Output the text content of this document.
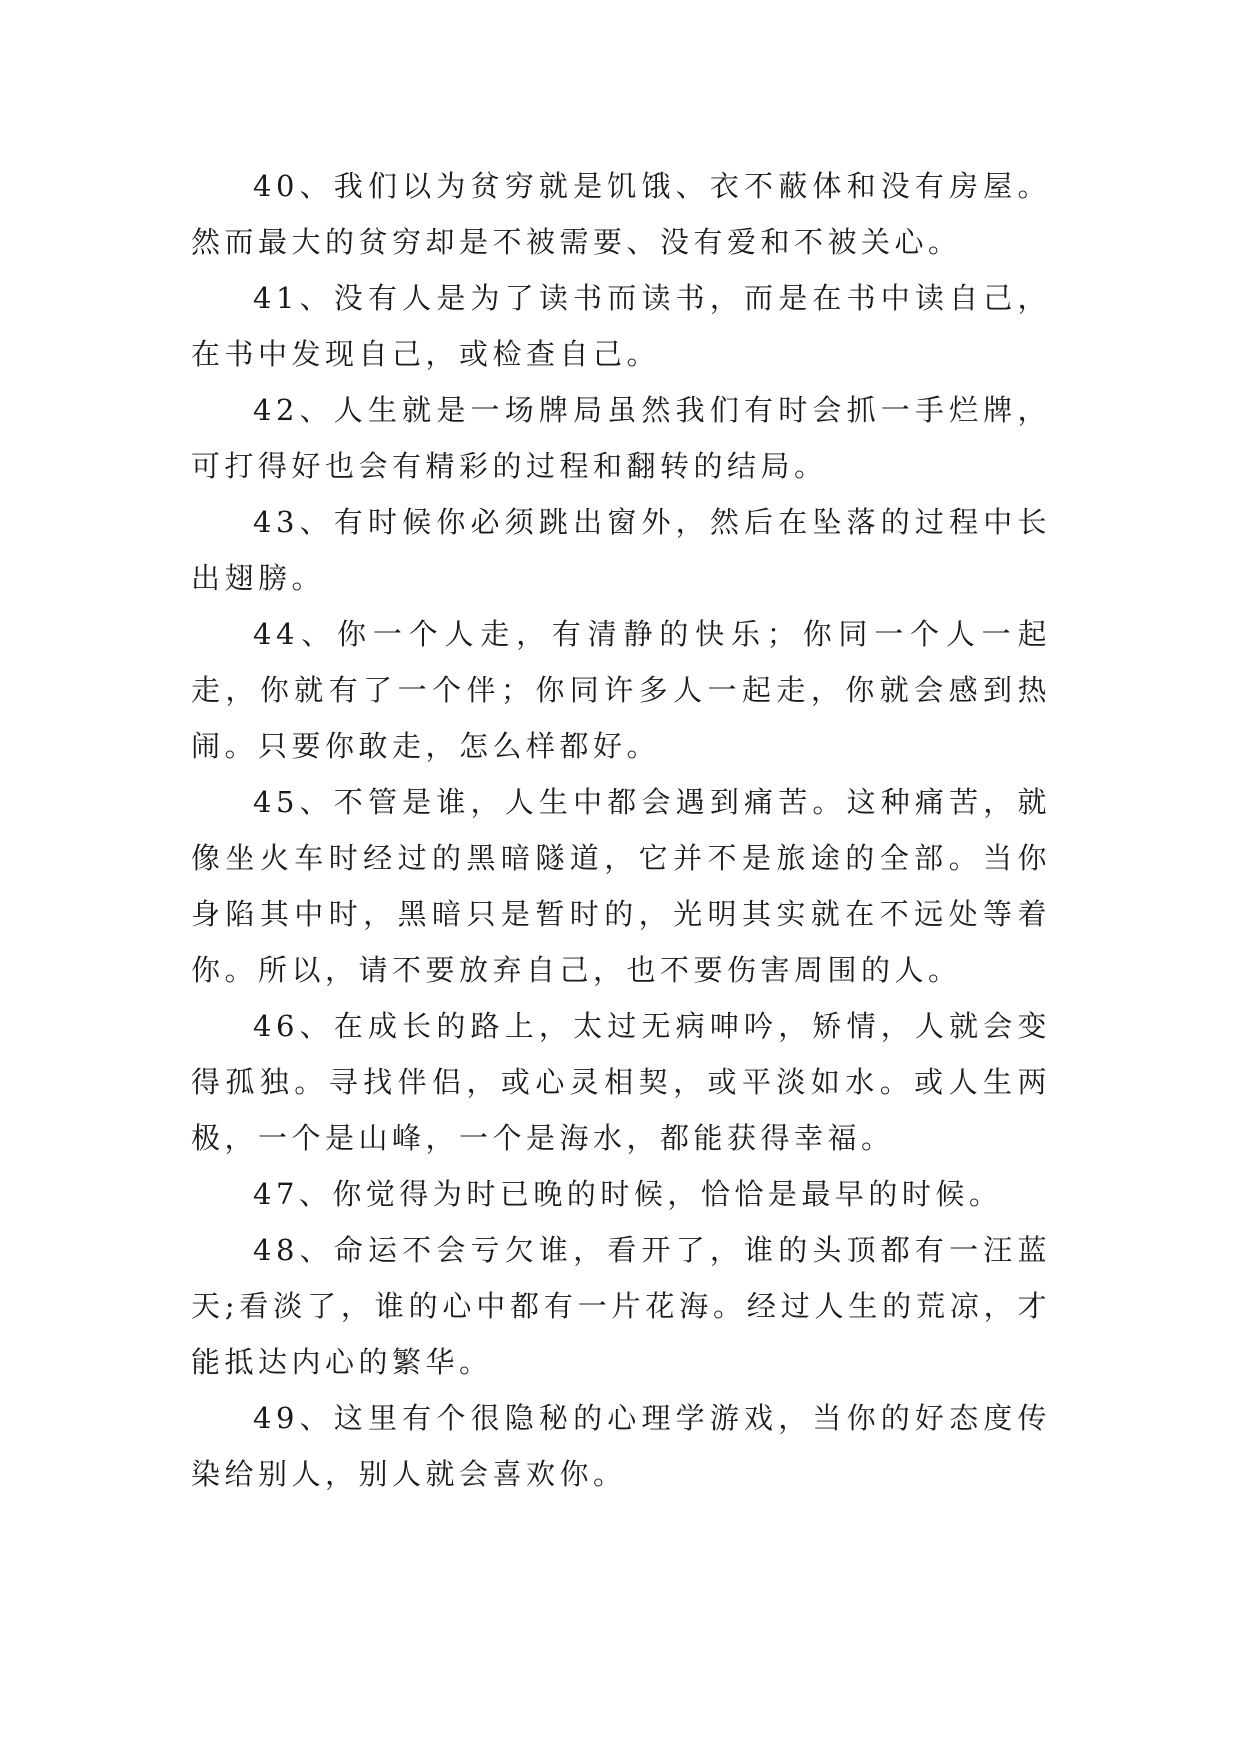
40、我们以为贫穷就是饥饿、衣不蔽体和没有房屋。然而最大的贫穷却是不被需要、没有爱和不被关心。

41、没有人是为了读书而读书，而是在书中读自己，在书中发现自己，或检查自己。

42、人生就是一场牌局虽然我们有时会抓一手烂牌，可打得好也会有精彩的过程和翻转的结局。

43、有时候你必须跳出窗外，然后在坠落的过程中长出翅膀。

44、你一个人走，有清静的快乐；你同一个人一起走，你就有了一个伴；你同许多人一起走，你就会感到热闹。只要你敢走，怎么样都好。

45、不管是谁，人生中都会遇到痛苦。这种痛苦，就像坐火车时经过的黑暗隧道，它并不是旅途的全部。当你身陷其中时，黑暗只是暂时的，光明其实就在不远处等着你。所以，请不要放弃自己，也不要伤害周围的人。

46、在成长的路上，太过无病呻吟，矫情，人就会变得孤独。寻找伴侣，或心灵相契，或平淡如水。或人生两极，一个是山峰，一个是海水，都能获得幸福。

47、你觉得为时已晚的时候，恰恰是最早的时候。

48、命运不会亏欠谁，看开了，谁的头顶都有一汪蓝天;看淡了，谁的心中都有一片花海。经过人生的荒凉，才能抵达内心的繁华。

49、这里有个很隐秘的心理学游戏，当你的好态度传染给别人，别人就会喜欢你。
